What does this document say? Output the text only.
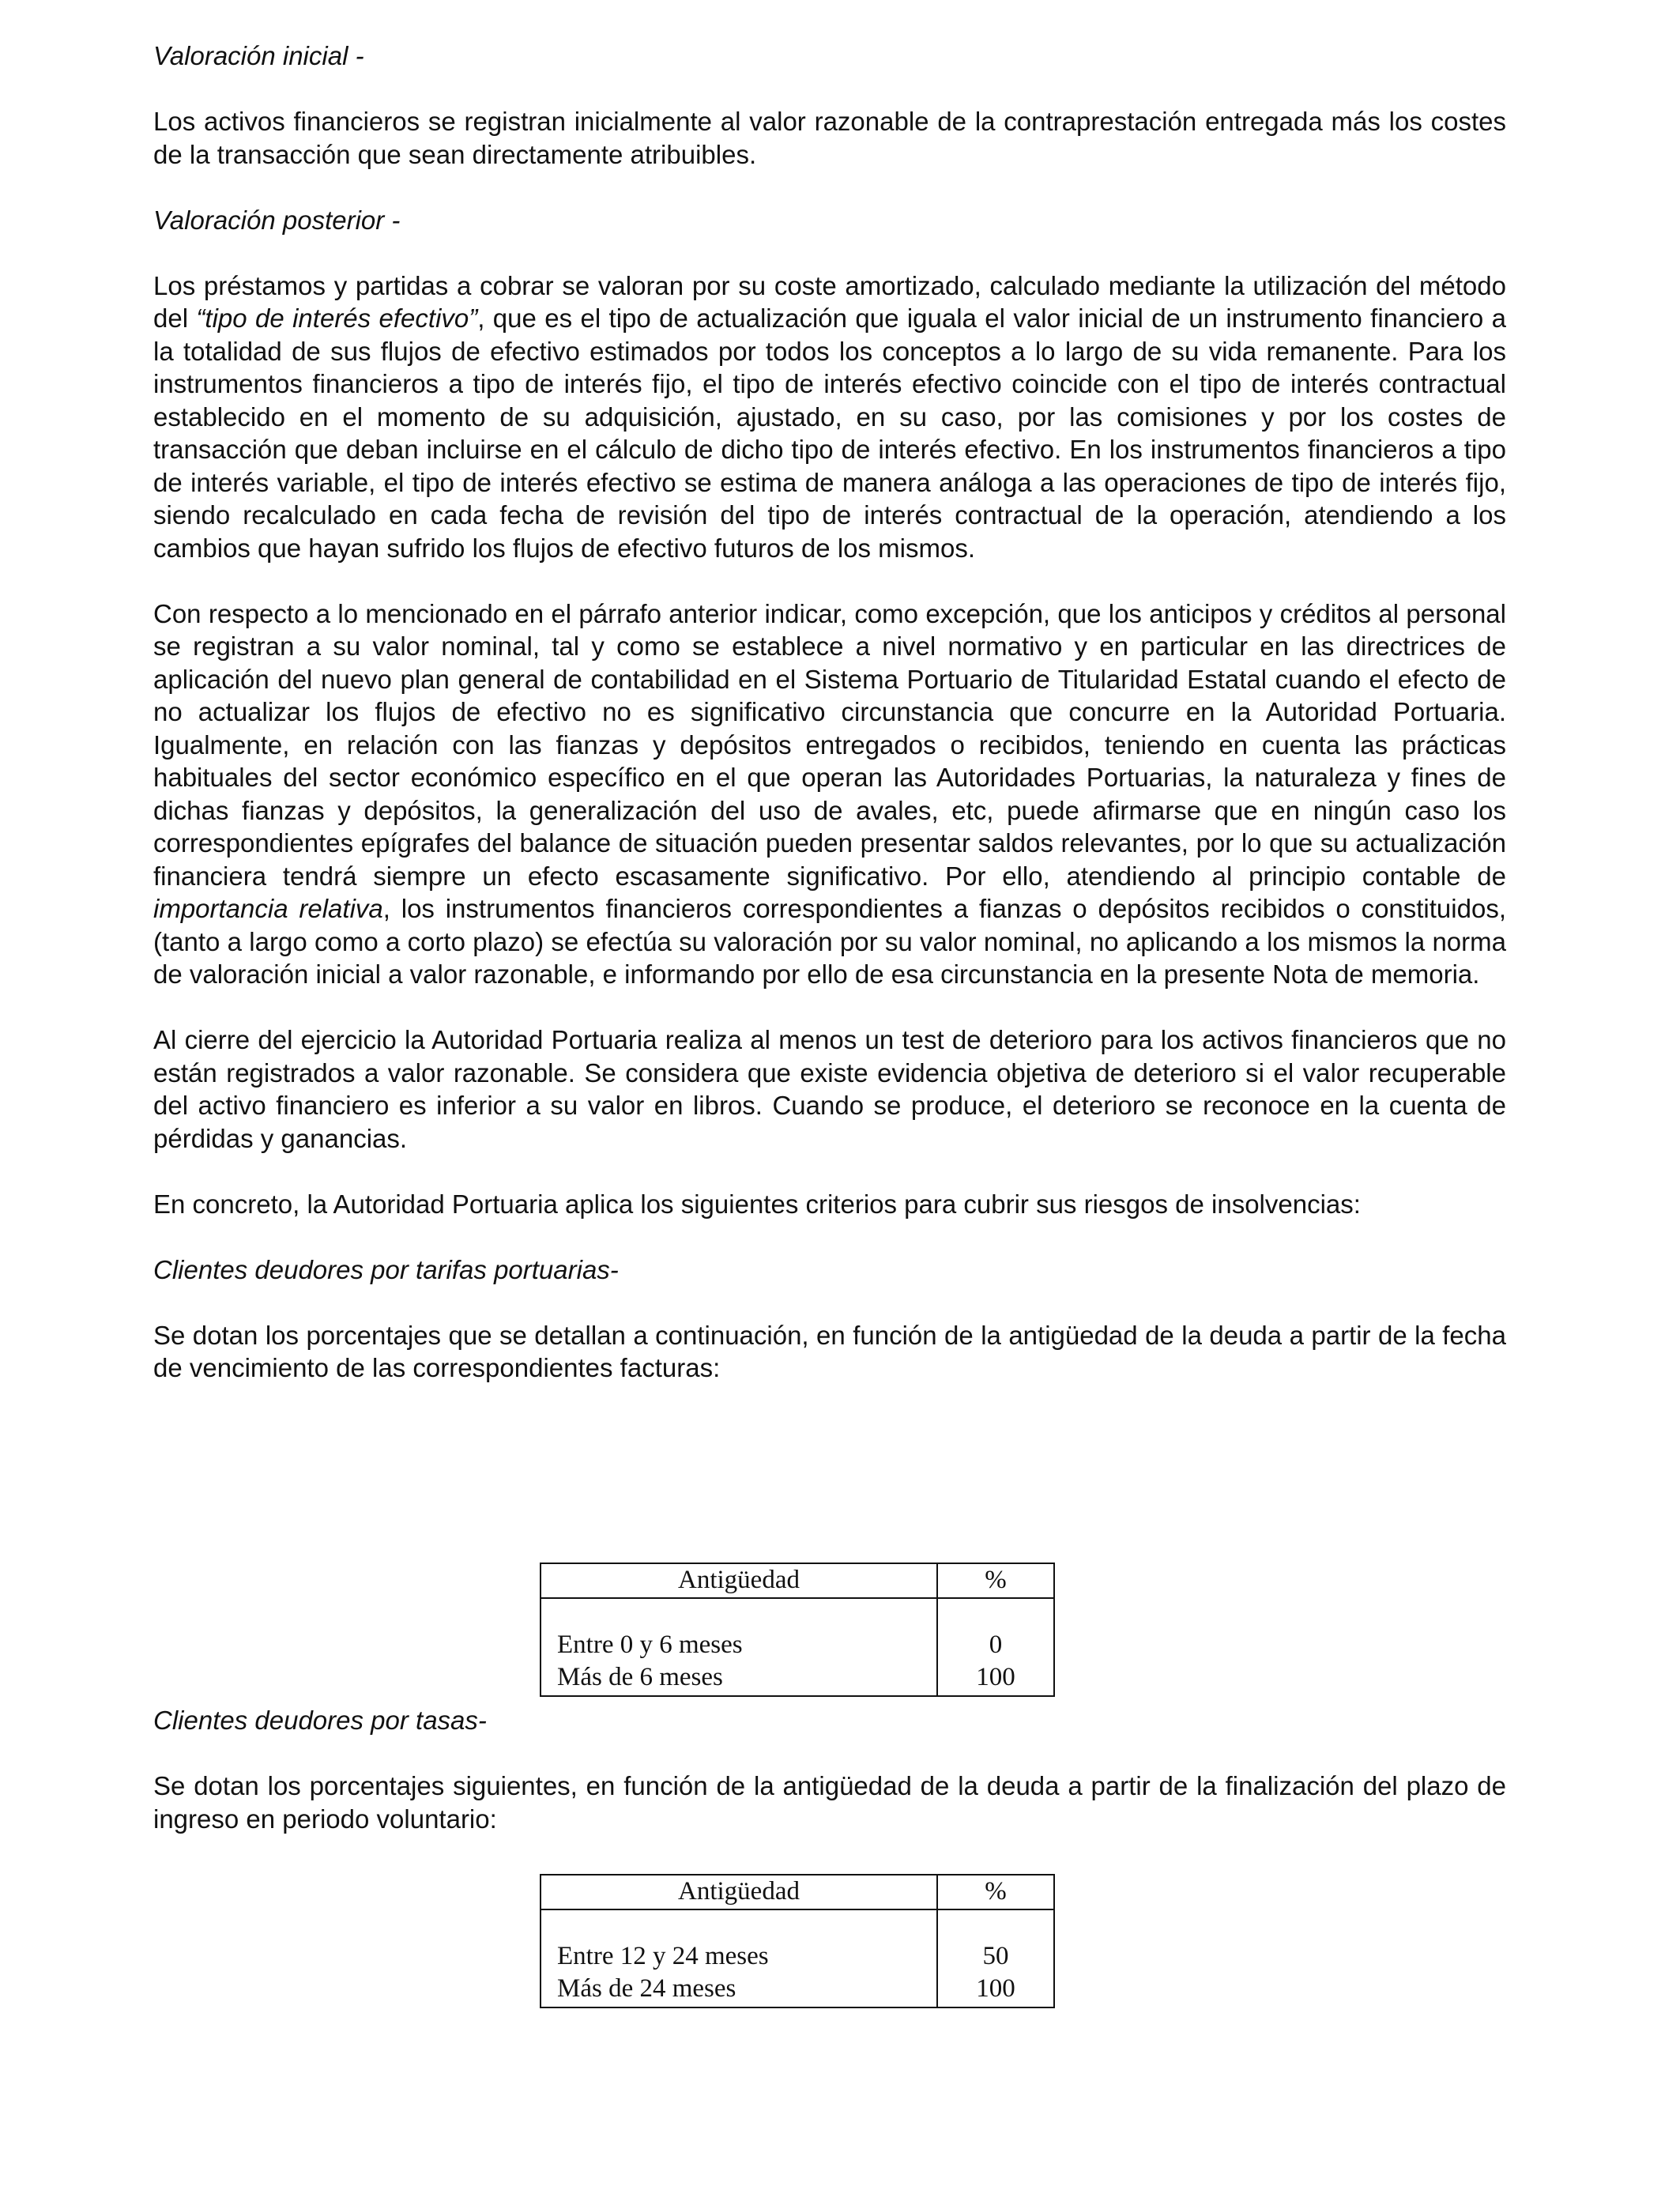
Valoración inicial -

Los activos financieros se registran inicialmente al valor razonable de la contraprestación entregada más los costes de la transacción que sean directamente atribuibles.

Valoración posterior -

Los préstamos y partidas a cobrar se valoran por su coste amortizado, calculado mediante la utilización del método del “tipo de interés efectivo”, que es el tipo de actualización que iguala el valor inicial de un instrumento financiero a la totalidad de sus flujos de efectivo estimados por todos los conceptos a lo largo de su vida remanente. Para los instrumentos financieros a tipo de interés fijo, el tipo de interés efectivo coincide con el tipo de interés contractual establecido en el momento de su adquisición, ajustado, en su caso, por las comisiones y por los costes de transacción que deban incluirse en el cálculo de dicho tipo de interés efectivo. En los instrumentos financieros a tipo de interés variable, el tipo de interés efectivo se estima de manera análoga a las operaciones de tipo de interés fijo, siendo recalculado en cada fecha de revisión del tipo de interés contractual de la operación, atendiendo a los cambios que hayan sufrido los flujos de efectivo futuros de los mismos.

Con respecto a lo mencionado en el párrafo anterior indicar, como excepción, que los anticipos y créditos al personal se registran a su valor nominal, tal y como se establece a nivel normativo y en particular en las directrices de aplicación del nuevo plan general de contabilidad en el Sistema Portuario de Titularidad Estatal cuando el efecto de no actualizar los flujos de efectivo no es significativo circunstancia que concurre en la Autoridad Portuaria. Igualmente, en relación con las fianzas y depósitos entregados o recibidos, teniendo en cuenta las prácticas habituales del sector económico específico en el que operan las Autoridades Portuarias, la naturaleza y fines de dichas fianzas y depósitos, la generalización del uso de avales, etc, puede afirmarse que en ningún caso los correspondientes epígrafes del balance de situación pueden presentar saldos relevantes, por lo que su actualización financiera tendrá siempre un efecto escasamente significativo. Por ello, atendiendo al principio contable de importancia relativa, los instrumentos financieros correspondientes a fianzas o depósitos recibidos o constituidos, (tanto a largo como a corto plazo) se efectúa su valoración por su valor nominal, no aplicando a los mismos la norma de valoración inicial a valor razonable, e informando por ello de esa circunstancia en la presente Nota de memoria.

Al cierre del ejercicio la Autoridad Portuaria realiza al menos un test de deterioro para los activos financieros que no están registrados a valor razonable. Se considera que existe evidencia objetiva de deterioro si el valor recuperable del activo financiero es inferior a su valor en libros. Cuando se produce, el deterioro se reconoce en la cuenta de pérdidas y ganancias.

En concreto, la Autoridad Portuaria aplica los siguientes criterios para cubrir sus riesgos de insolvencias:

Clientes deudores por tarifas portuarias-

Se dotan los porcentajes que se detallan a continuación, en función de la antigüedad de la deuda a partir de la fecha de vencimiento de las correspondientes facturas:

Antigüedad	%
Entre 0 y 6 meses
Más de 6 meses
0
100

Clientes deudores por tasas-

Se dotan los porcentajes siguientes, en función de la antigüedad de la deuda a partir de la finalización del plazo de ingreso en periodo voluntario:

Antigüedad	%
Entre 12 y 24 meses
Más de 24 meses
50
100
